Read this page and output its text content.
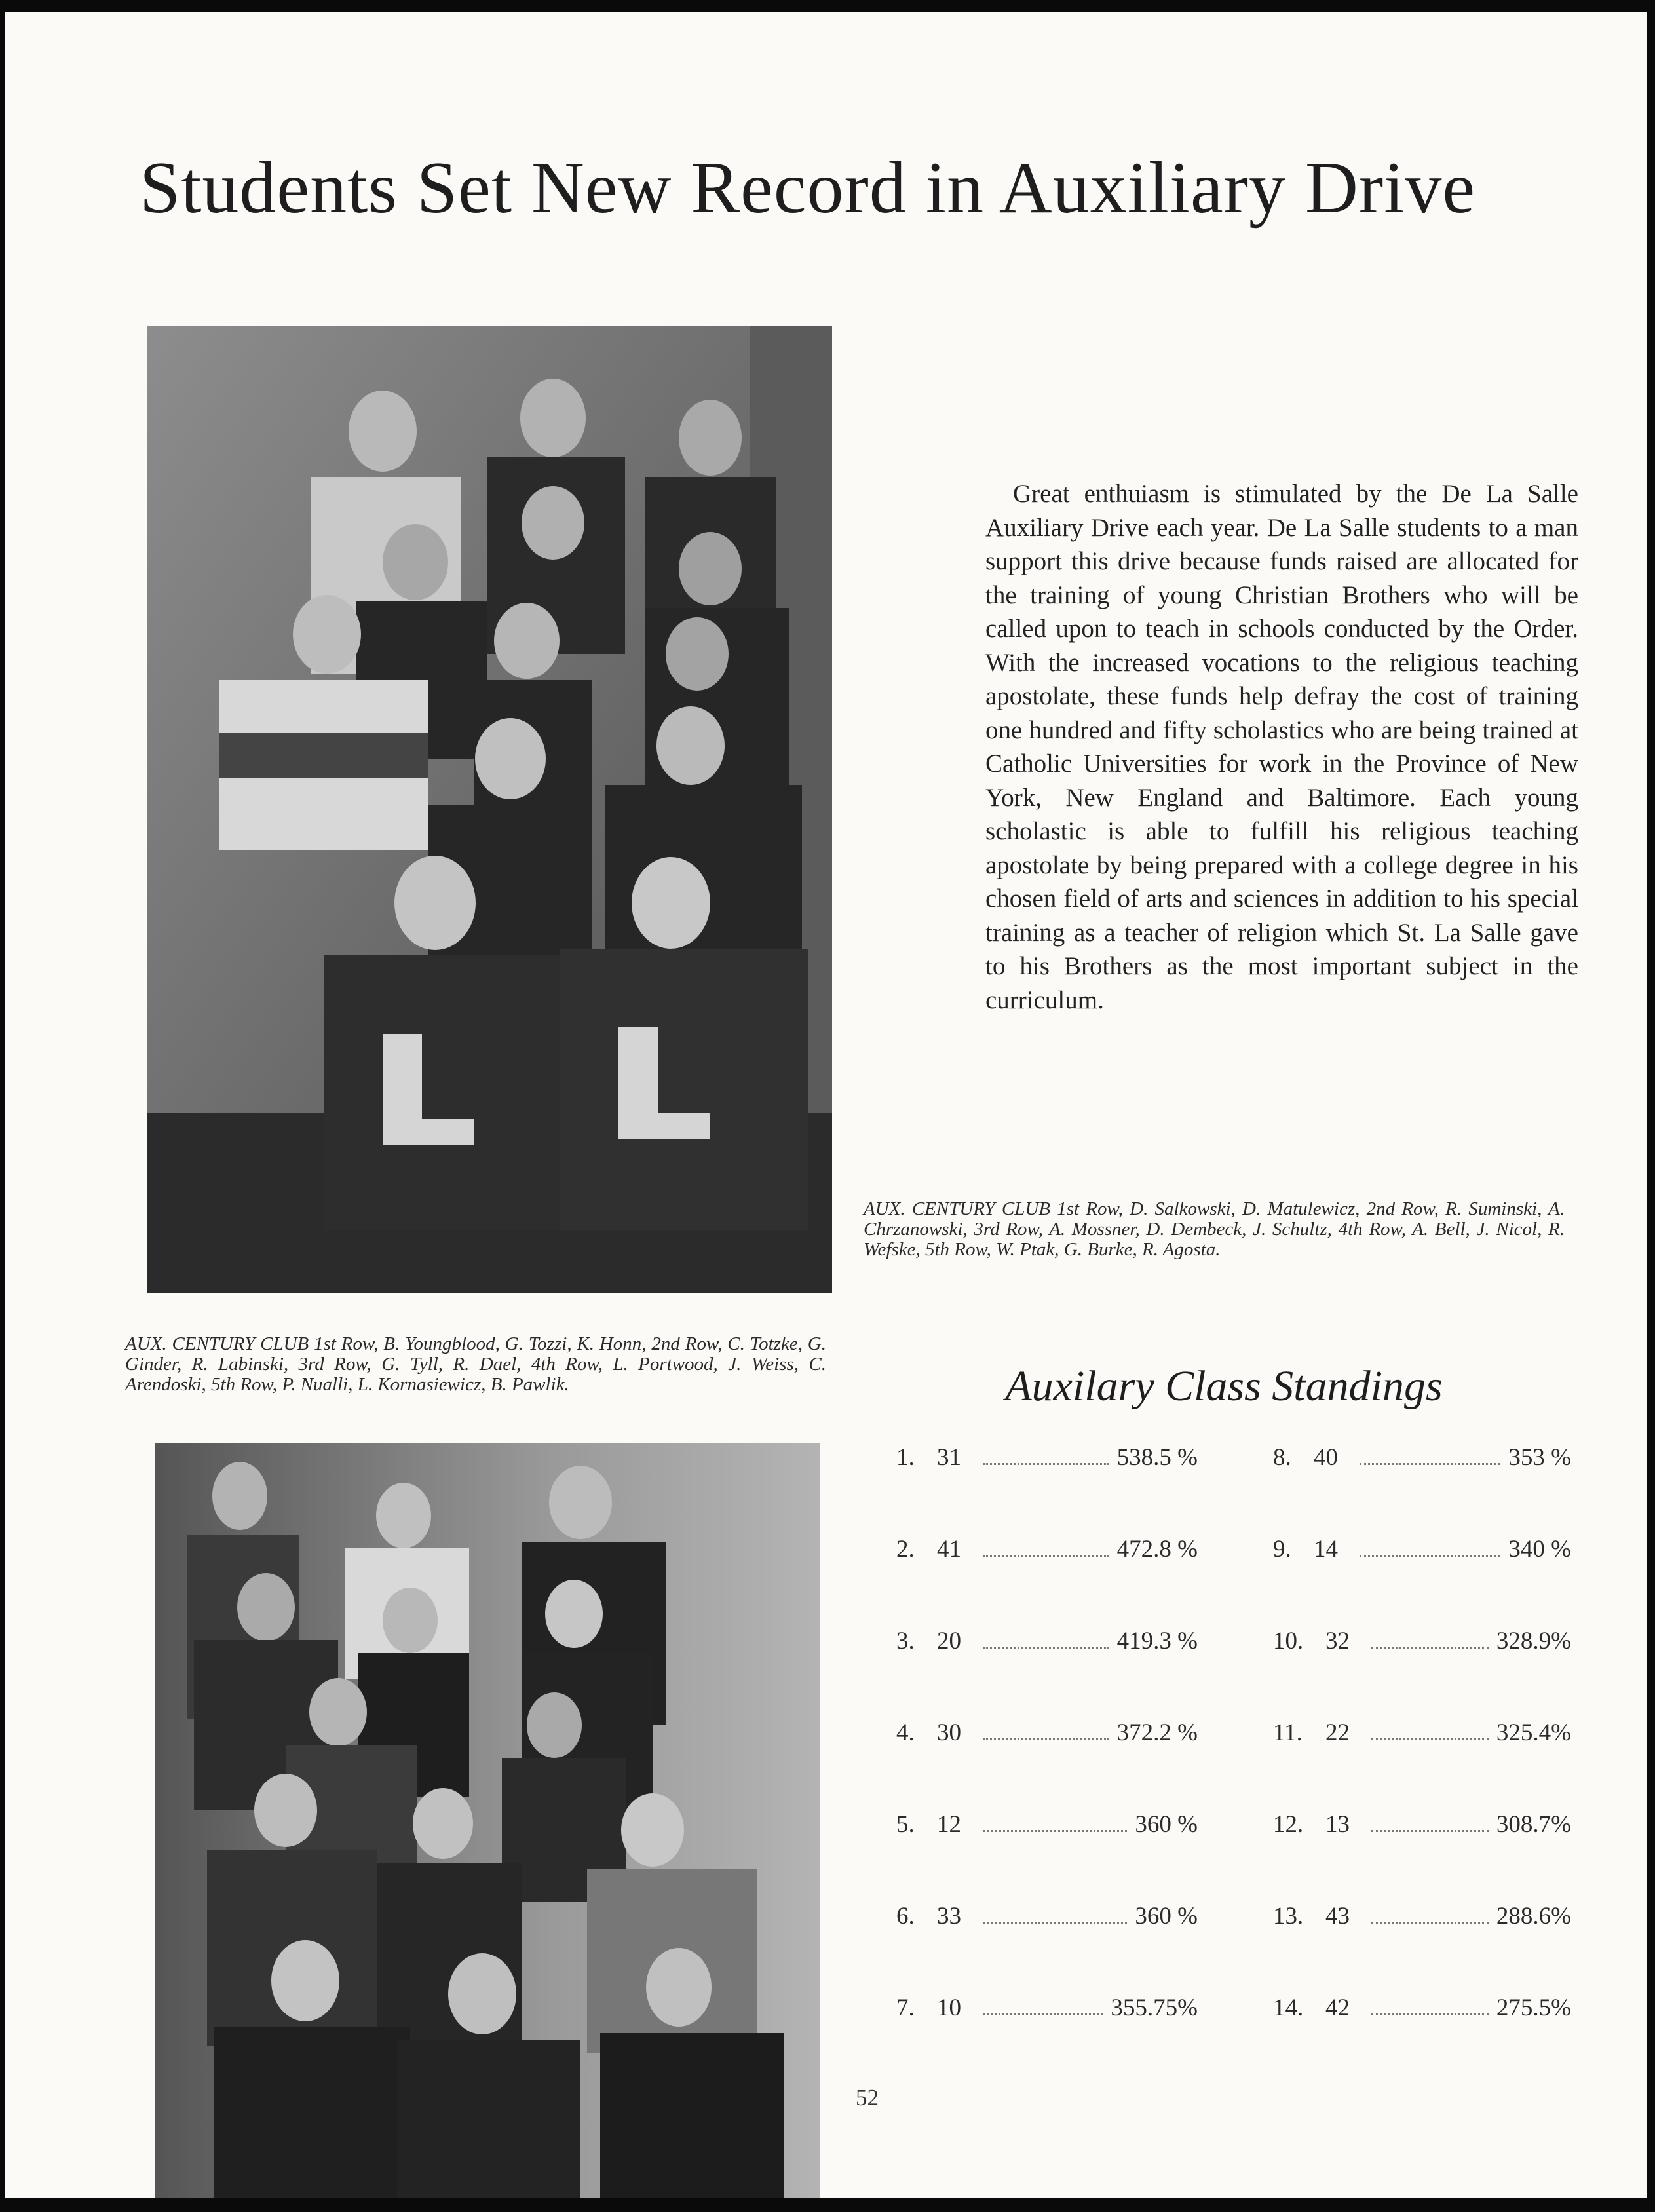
Students Set New Record in Auxiliary Drive
Great enthuiasm is stimulated by the De La Salle Auxiliary Drive each year. De La Salle students to a man support this drive because funds raised are allocated for the training of young Christian Brothers who will be called upon to teach in schools conducted by the Order. With the increased vocations to the religious teaching apostolate, these funds help defray the cost of training one hundred and fifty scholastics who are being trained at Catholic Universities for work in the Province of New York, New England and Baltimore. Each young scholastic is able to fulfill his religious teaching apostolate by being prepared with a college degree in his chosen field of arts and sciences in addition to his special training as a teacher of religion which St. La Salle gave to his Brothers as the most important subject in the curriculum.
AUX. CENTURY CLUB 1st Row, D. Salkowski, D. Matulewicz, 2nd Row, R. Suminski, A. Chrzanowski, 3rd Row, A. Mossner, D. Dembeck, J. Schultz, 4th Row, A. Bell, J. Nicol, R. Wefske, 5th Row, W. Ptak, G. Burke, R. Agosta.
AUX. CENTURY CLUB 1st Row, B. Youngblood, G. Tozzi, K. Honn, 2nd Row, C. Totzke, G. Ginder, R. Labinski, 3rd Row, G. Tyll, R. Dael, 4th Row, L. Portwood, J. Weiss, C. Arendoski, 5th Row, P. Nualli, L. Kornasiewicz, B. Pawlik.	Auxilary Class Standings
1. 31	538.5 %
2. 41	472.8 %
3. 20	419.3 %
4. 30	372.2 %
5. 12	360 %
6. 33	360 %
7. 10	355.75%
8. 40	353 %
9. 14	340 %
10. 32	328.9%
11. 22	325.4%
12. 13	308.7%
13. 43	288.6%
14. 42	275.5%
52
